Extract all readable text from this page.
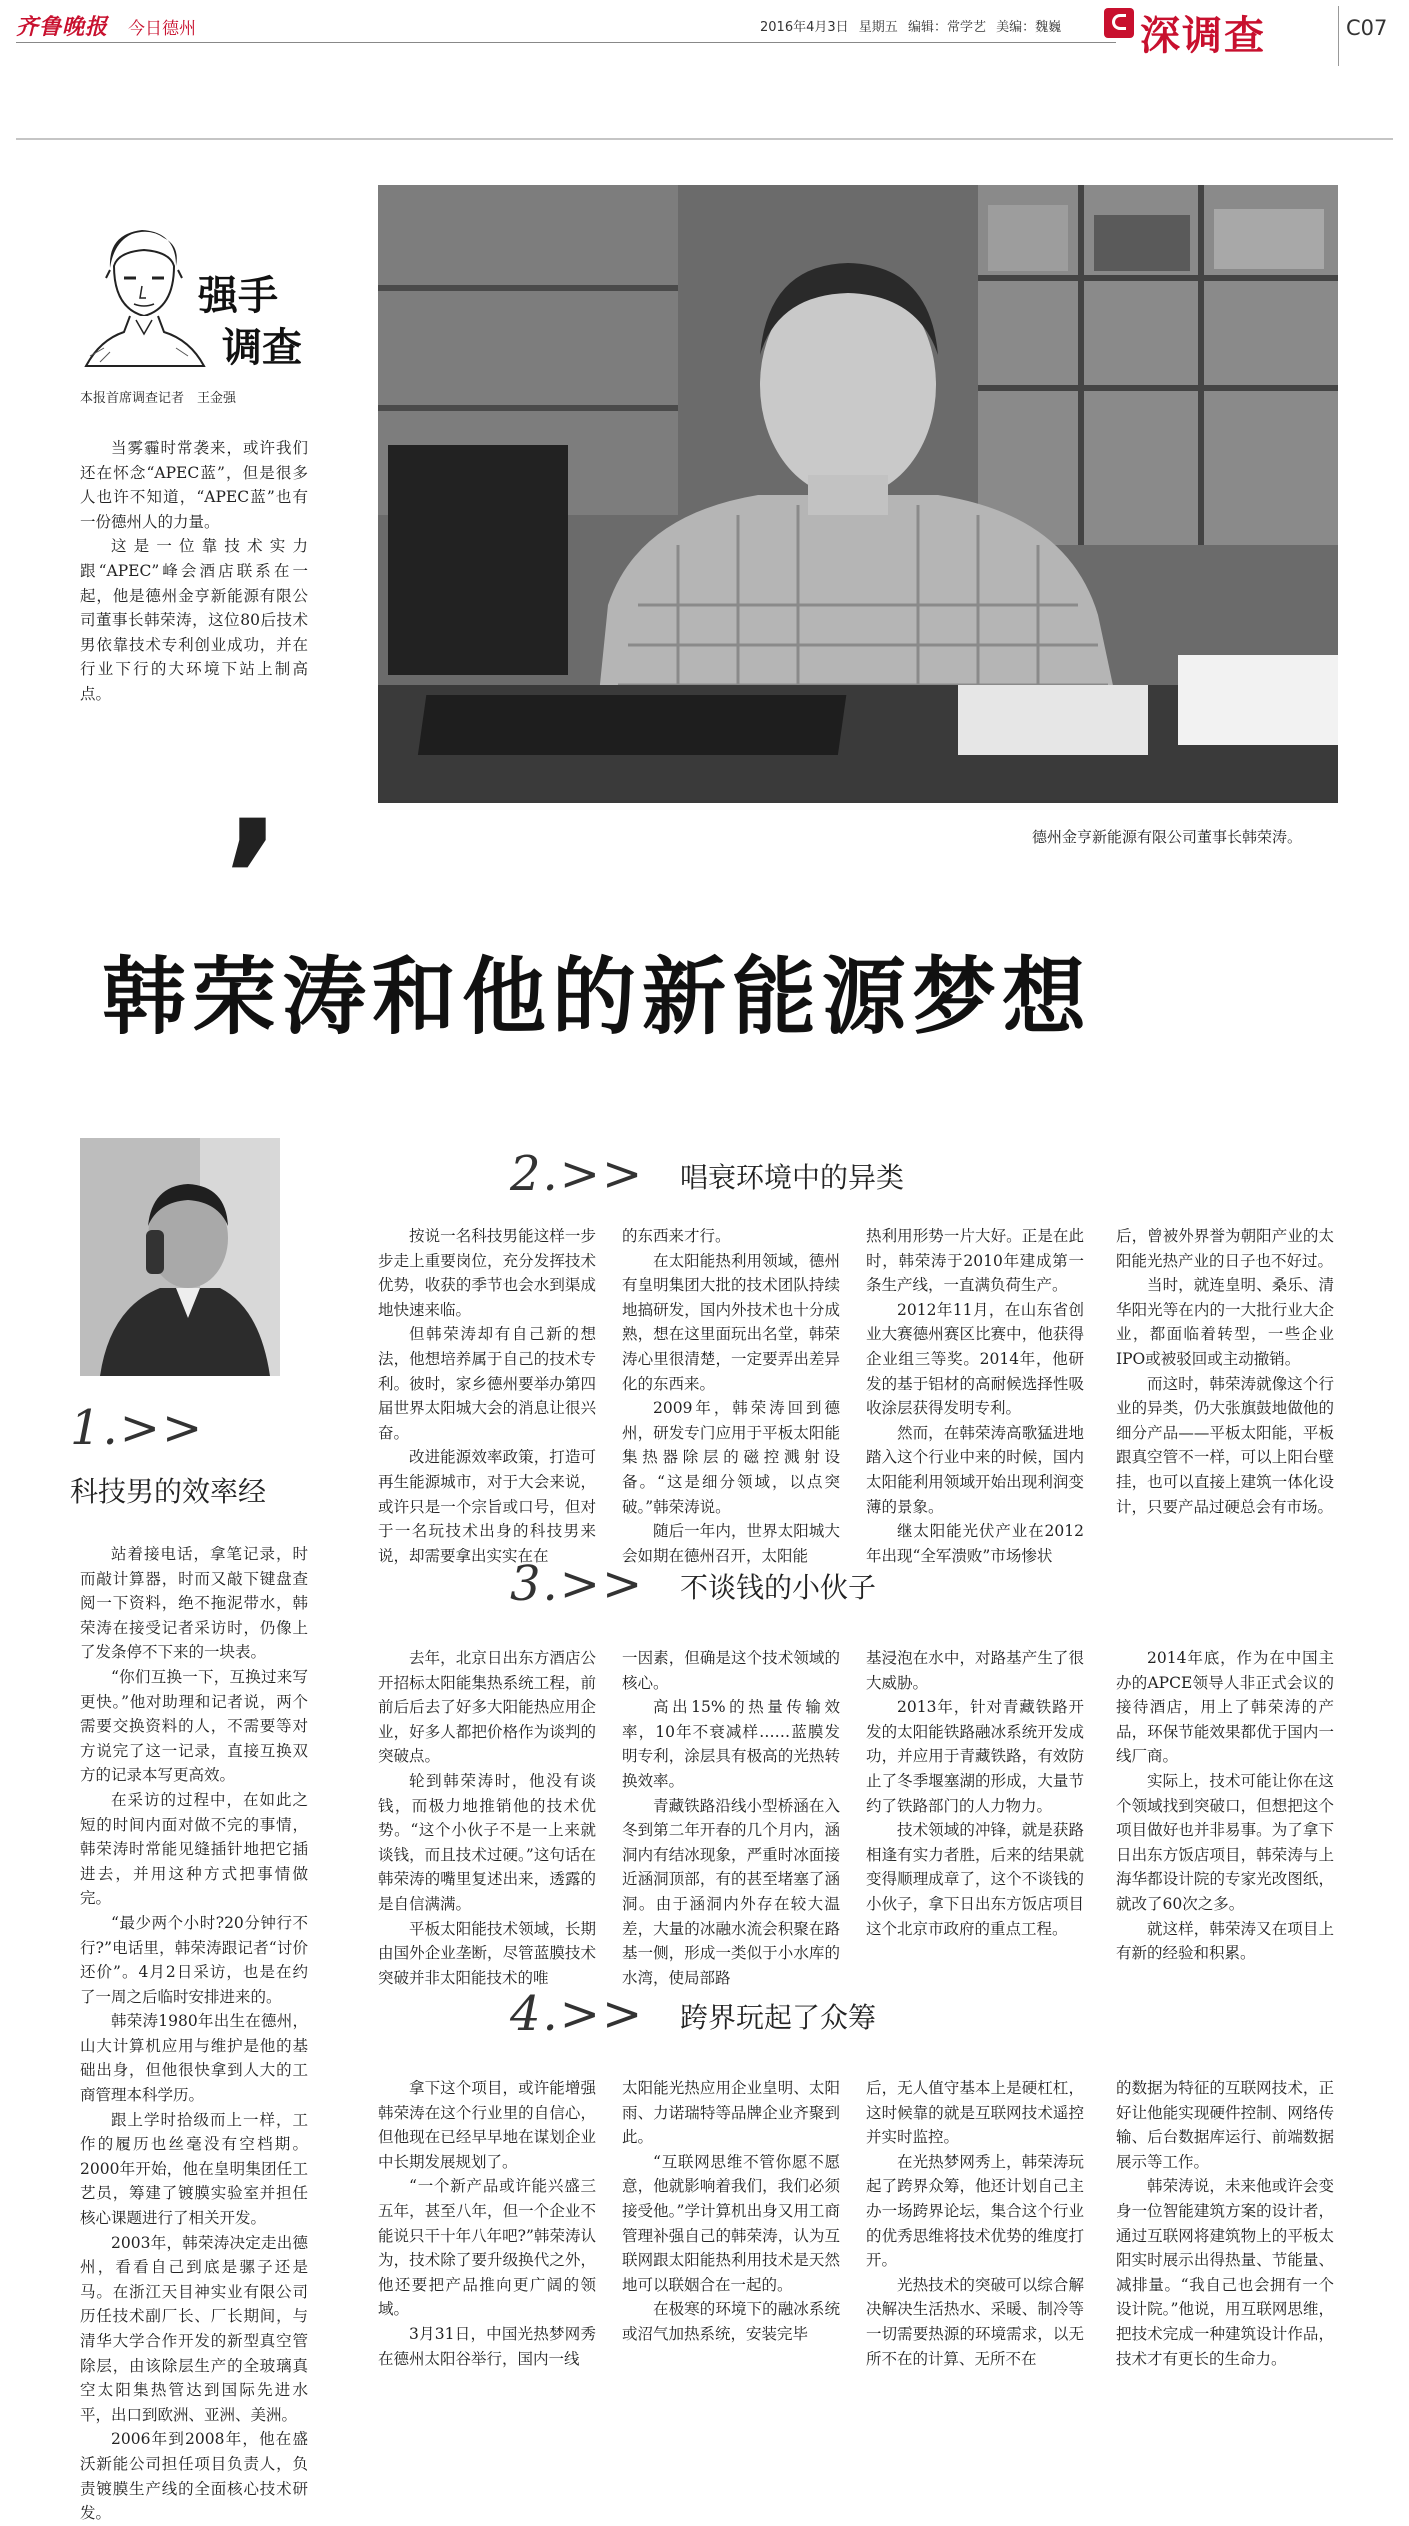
齐鲁晚报 今日德州	2016年4月3日 星期五 编辑：常学艺 美编：魏巍 深调查	C07
强手
调查
本报首席调查记者　王金强

当雾霾时常袭来，或许我们还在怀念“APEC蓝”，但是很多人也许不知道，“APEC蓝”也有一份德州人的力量。

这是一位靠技术实力跟“APEC”峰会酒店联系在一起，他是德州金亨新能源有限公司董事长韩荣涛，这位80后技术男依靠技术专利创业成功，并在行业下行的大环境下站上制高点。

,	德州金亨新能源有限公司董事长韩荣涛。
韩荣涛和他的新能源梦想
1.>>
科技男的效率经

站着接电话，拿笔记录，时而敲计算器，时而又敲下键盘查阅一下资料，绝不拖泥带水，韩荣涛在接受记者采访时，仍像上了发条停不下来的一块表。

“你们互换一下，互换过来写更快。”他对助理和记者说，两个需要交换资料的人，不需要等对方说完了这一记录，直接互换双方的记录本写更高效。

在采访的过程中，在如此之短的时间内面对做不完的事情，韩荣涛时常能见缝插针地把它插进去，并用这种方式把事情做完。

“最少两个小时?20分钟行不行?”电话里，韩荣涛跟记者“讨价还价”。4月2日采访，也是在约了一周之后临时安排进来的。

韩荣涛1980年出生在德州，山大计算机应用与维护是他的基础出身，但他很快拿到人大的工商管理本科学历。

跟上学时拾级而上一样，工作的履历也丝毫没有空档期。2000年开始，他在皇明集团任工艺员，筹建了镀膜实验室并担任核心课题进行了相关开发。

2003年，韩荣涛决定走出德州，看看自己到底是骡子还是马。在浙江天目神实业有限公司历任技术副厂长、厂长期间，与清华大学合作开发的新型真空管除层，由该除层生产的全玻璃真空太阳集热管达到国际先进水平，出口到欧洲、亚洲、美洲。

2006年到2008年，他在盛沃新能公司担任项目负责人，负责镀膜生产线的全面核心技术研发。

2.>> 唱衰环境中的异类

按说一名科技男能这样一步步走上重要岗位，充分发挥技术优势，收获的季节也会水到渠成地快速来临。

但韩荣涛却有自己新的想法，他想培养属于自己的技术专利。彼时，家乡德州要举办第四届世界太阳城大会的消息让很兴奋。

改进能源效率政策，打造可再生能源城市，对于大会来说，或许只是一个宗旨或口号，但对于一名玩技术出身的科技男来说，却需要拿出实实在在

的东西来才行。

在太阳能热利用领域，德州有皇明集团大批的技术团队持续地搞研发，国内外技术也十分成熟，想在这里面玩出名堂，韩荣涛心里很清楚，一定要弄出差异化的东西来。

2009年，韩荣涛回到德州，研发专门应用于平板太阳能集热器除层的磁控溅射设备。“这是细分领域，以点突破。”韩荣涛说。

随后一年内，世界太阳城大会如期在德州召开，太阳能

热利用形势一片大好。正是在此时，韩荣涛于2010年建成第一条生产线，一直满负荷生产。

2012年11月，在山东省创业大赛德州赛区比赛中，他获得企业组三等奖。2014年，他研发的基于铝材的高耐候选择性吸收涂层获得发明专利。

然而，在韩荣涛高歌猛进地踏入这个行业中来的时候，国内太阳能利用领域开始出现利润变薄的景象。

继太阳能光伏产业在2012年出现“全军溃败”市场惨状

后，曾被外界誉为朝阳产业的太阳能光热产业的日子也不好过。

当时，就连皇明、桑乐、清华阳光等在内的一大批行业大企业，都面临着转型，一些企业IPO或被驳回或主动撤销。

而这时，韩荣涛就像这个行业的异类，仍大张旗鼓地做他的细分产品——平板太阳能，平板跟真空管不一样，可以上阳台壁挂，也可以直接上建筑一体化设计，只要产品过硬总会有市场。

3.>> 不谈钱的小伙子

去年，北京日出东方酒店公开招标太阳能集热系统工程，前前后后去了好多大阳能热应用企业，好多人都把价格作为谈判的突破点。

轮到韩荣涛时，他没有谈钱，而极力地推销他的技术优势。“这个小伙子不是一上来就谈钱，而且技术过硬。”这句话在韩荣涛的嘴里复述出来，透露的是自信满满。

平板太阳能技术领域，长期由国外企业垄断，尽管蓝膜技术突破并非太阳能技术的唯

一因素，但确是这个技术领域的核心。

高出15%的热量传输效率，10年不衰减样……蓝膜发明专利，涂层具有极高的光热转换效率。

青藏铁路沿线小型桥涵在入冬到第二年开春的几个月内，涵洞内有结冰现象，严重时冰面接近涵洞顶部，有的甚至堵塞了涵洞。由于涵洞内外存在较大温差，大量的冰融水流会积聚在路基一侧，形成一类似于小水库的水湾，使局部路

基浸泡在水中，对路基产生了很大威胁。

2013年，针对青藏铁路开发的太阳能铁路融冰系统开发成功，并应用于青藏铁路，有效防止了冬季堰塞湖的形成，大量节约了铁路部门的人力物力。

技术领域的冲锋，就是获路相逢有实力者胜，后来的结果就变得顺理成章了，这个不谈钱的小伙子，拿下日出东方饭店项目这个北京市政府的重点工程。

2014年底，作为在中国主办的APCE领导人非正式会议的接待酒店，用上了韩荣涛的产品，环保节能效果都优于国内一线厂商。

实际上，技术可能让你在这个领域找到突破口，但想把这个项目做好也并非易事。为了拿下日出东方饭店项目，韩荣涛与上海华都设计院的专家光改图纸，就改了60次之多。

就这样，韩荣涛又在项目上有新的经验和积累。

4.>> 跨界玩起了众筹

拿下这个项目，或许能增强韩荣涛在这个行业里的自信心，但他现在已经早早地在谋划企业中长期发展规划了。

“一个新产品或许能兴盛三五年，甚至八年，但一个企业不能说只干十年八年吧?”韩荣涛认为，技术除了要升级换代之外，他还要把产品推向更广阔的领域。

3月31日，中国光热梦网秀在德州太阳谷举行，国内一线

太阳能光热应用企业皇明、太阳雨、力诺瑞特等品牌企业齐聚到此。

“互联网思维不管你愿不愿意，他就影响着我们，我们必须接受他。”学计算机出身又用工商管理补强自己的韩荣涛，认为互联网跟太阳能热利用技术是天然地可以联姻合在一起的。

在极寒的环境下的融冰系统或沼气加热系统，安装完毕

后，无人值守基本上是硬杠杠，这时候靠的就是互联网技术遥控并实时监控。

在光热梦网秀上，韩荣涛玩起了跨界众筹，他还计划自己主办一场跨界论坛，集合这个行业的优秀思维将技术优势的维度打开。

光热技术的突破可以综合解决解决生活热水、采暖、制冷等一切需要热源的环境需求，以无所不在的计算、无所不在

的数据为特征的互联网技术，正好让他能实现硬件控制、网络传输、后台数据库运行、前端数据展示等工作。

韩荣涛说，未来他或许会变身一位智能建筑方案的设计者，通过互联网将建筑物上的平板太阳实时展示出得热量、节能量、减排量。“我自己也会拥有一个设计院。”他说，用互联网思维，把技术完成一种建筑设计作品，技术才有更长的生命力。
